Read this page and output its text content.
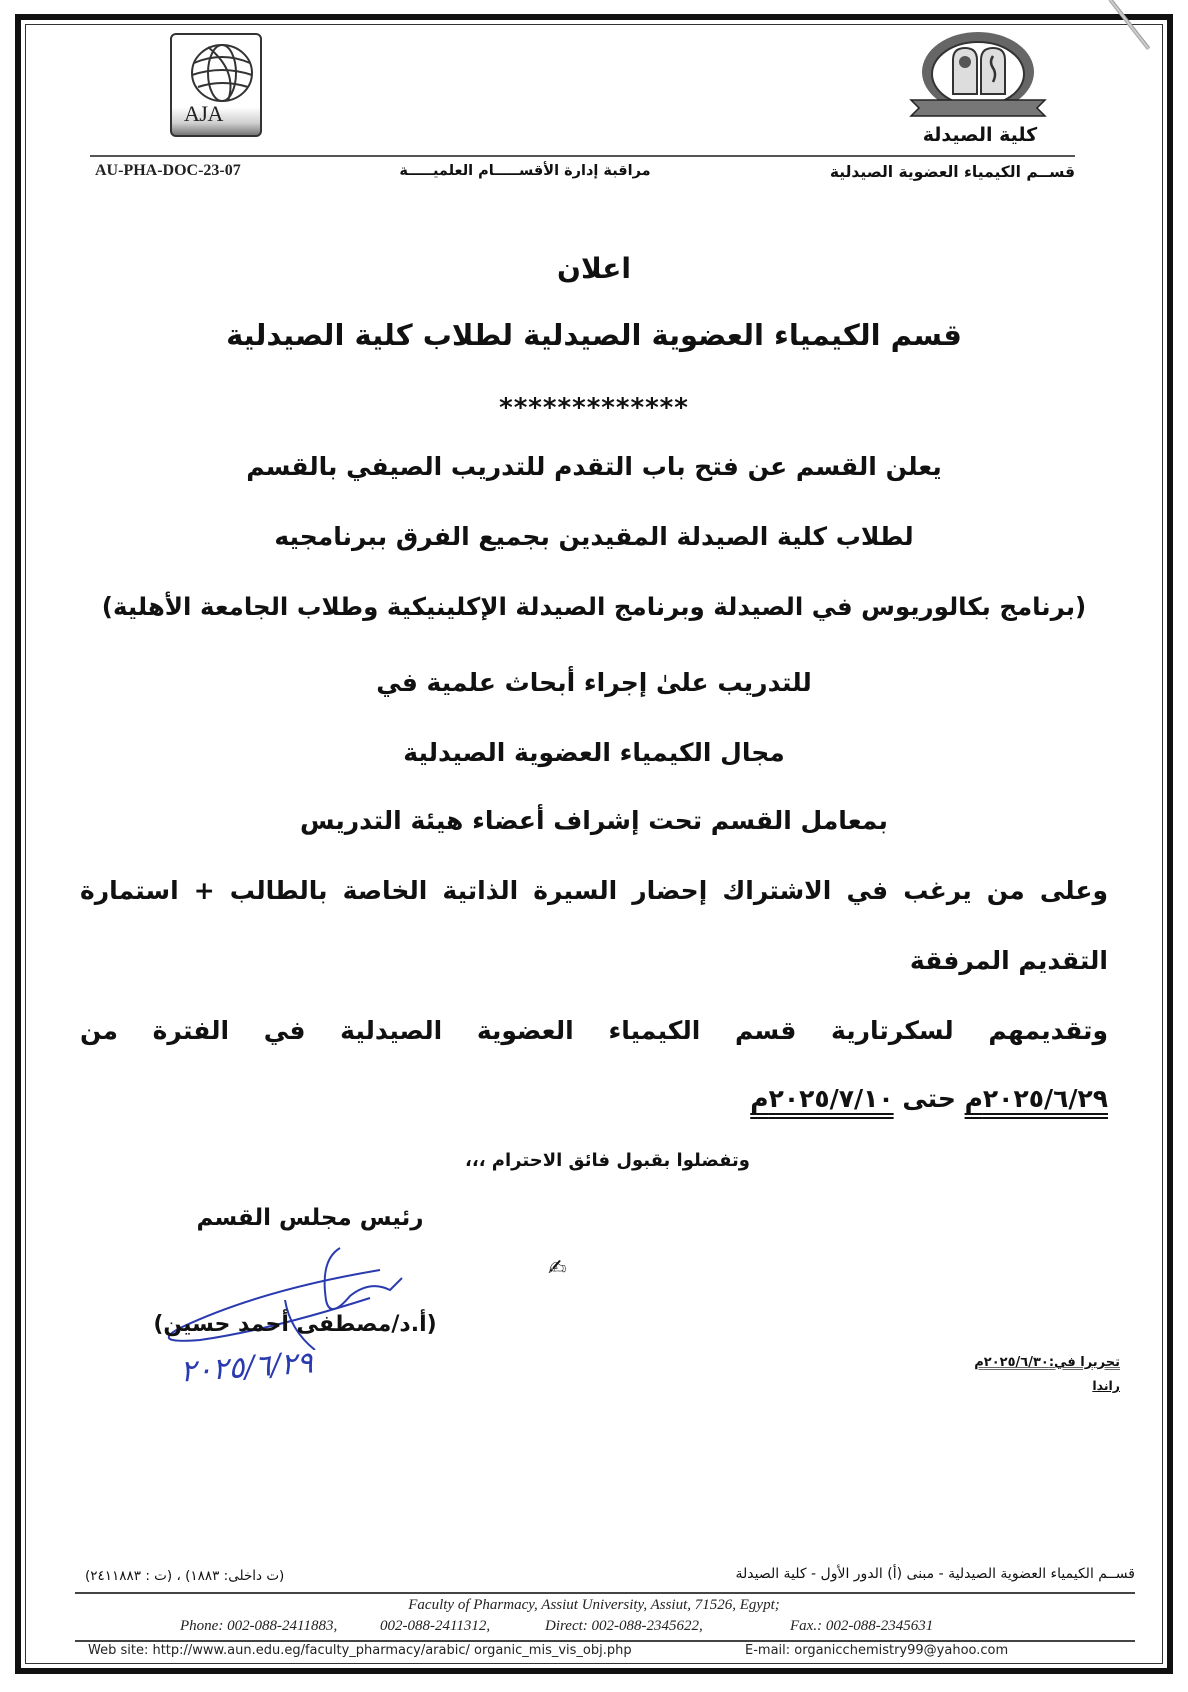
AJA
كلية الصيدلة
قســم الكيمياء العضوية الصيدلية
مراقبة إدارة الأقســـــام العلميـــــة
AU-PHA-DOC-23-07
اعلان
قسم الكيمياء العضوية الصيدلية لطلاب كلية الصيدلية
*************
يعلن القسم عن فتح باب التقدم للتدريب الصيفي بالقسم
لطلاب كلية الصيدلة المقيدين بجميع الفرق ببرنامجيه
(برنامج بكالوريوس في الصيدلة وبرنامج الصيدلة الإكلينيكية وطلاب الجامعة الأهلية)
للتدريب علىٰ إجراء أبحاث علمية في
مجال الكيمياء العضوية الصيدلية
بمعامل القسم تحت إشراف أعضاء هيئة التدريس
وعلى من يرغب في الاشتراك إحضار السيرة الذاتية الخاصة بالطالب + استمارة
التقديم المرفقة
وتقديمهم لسكرتارية قسم الكيمياء العضوية الصيدلية في الفترة من
٢٠٢٥/٦/٢٩م حتى ٢٠٢٥/٧/١٠م
وتفضلوا بقبول فائق الاحترام ،،،
رئيس مجلس القسم
(أ.د/مصطفى أحمد حسين)
٢٠٢٥/٦/٢٩
✍
تحريرا في:٢٠٢٥/٦/٣٠م
راندا
قســم الكيمياء العضوية الصيدلية - مبنى (أ) الدور الأول - كلية الصيدلة
(ت داخلى: ١٨٨٣) ، (ت : ٢٤١١٨٨٣)
Faculty of Pharmacy, Assiut University, Assiut, 71526, Egypt;
Phone: 002-088-2411883,	002-088-2411312,	Direct: 002-088-2345622,	Fax.: 002-088-2345631
Web site: http://www.aun.edu.eg/faculty_pharmacy/arabic/ organic_mis_vis_obj.php	E-mail: organicchemistry99@yahoo.com
